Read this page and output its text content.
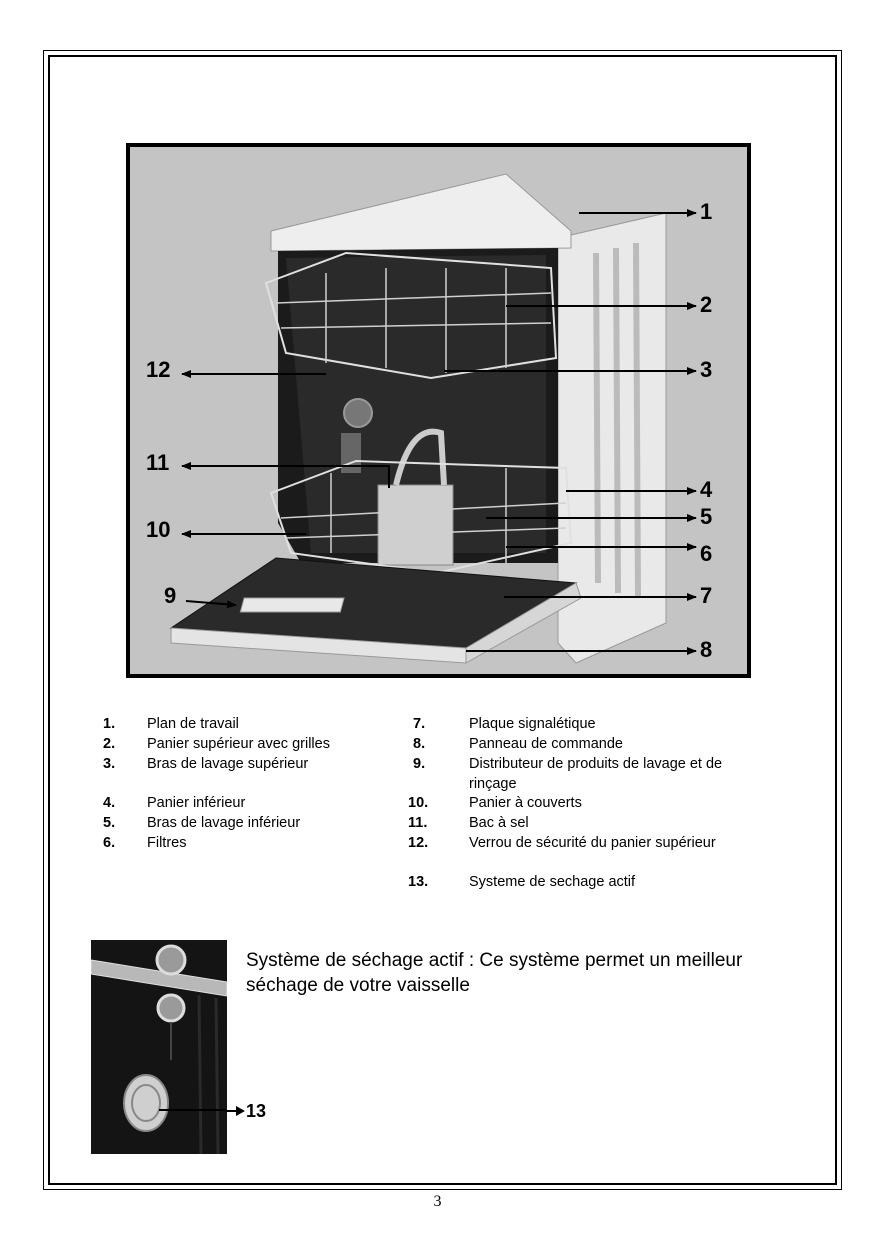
1
2
3
4
5
6
7
8
9
10
11
12
1. Plan de travail
2. Panier supérieur avec grilles
3. Bras de lavage supérieur
4. Panier inférieur
5. Bras de lavage inférieur
6. Filtres
7.	Plaque signalétique
8.	Panneau de commande
9.	Distributeur de produits de lavage et de rinçage
10.	Panier à couverts
11.	Bac à sel
12.	Verrou de sécurité du panier supérieur
13.	Systeme de sechage actif
13
Système de séchage actif : Ce système permet un meilleur séchage de votre vaisselle
3
